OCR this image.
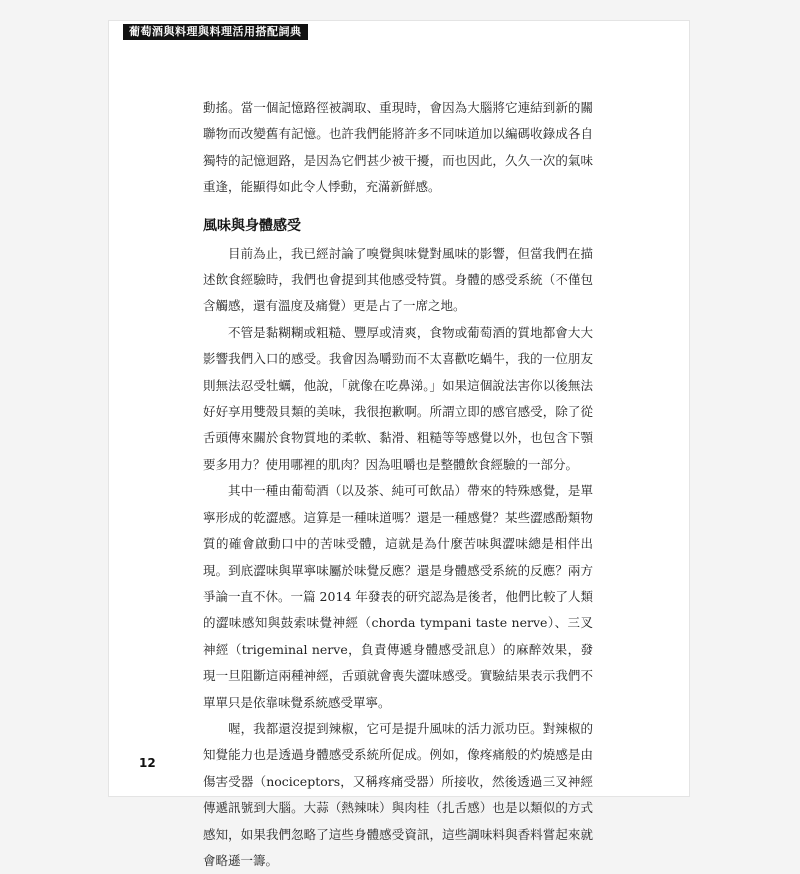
葡萄酒與料理與料理活用搭配詞典

動搖。當一個記憶路徑被調取、重現時，會因為大腦將它連結到新的關聯物而改變舊有記憶。也許我們能將許多不同味道加以編碼收錄成各自獨特的記憶迴路，是因為它們甚少被干擾，而也因此，久久一次的氣味重逢，能顯得如此令人悸動，充滿新鮮感。

風味與身體感受

目前為止，我已經討論了嗅覺與味覺對風味的影響，但當我們在描述飲食經驗時，我們也會提到其他感受特質。身體的感受系統（不僅包含觸感，還有溫度及痛覺）更是占了一席之地。

不管是黏糊糊或粗糙、豐厚或清爽，食物或葡萄酒的質地都會大大影響我們入口的感受。我會因為嚼勁而不太喜歡吃蝸牛，我的一位朋友則無法忍受牡蠣，他說，「就像在吃鼻涕。」如果這個說法害你以後無法好好享用雙殼貝類的美味，我很抱歉啊。所謂立即的感官感受，除了從舌頭傳來關於食物質地的柔軟、黏滑、粗糙等等感覺以外，也包含下顎要多用力？使用哪裡的肌肉？因為咀嚼也是整體飲食經驗的一部分。

其中一種由葡萄酒（以及茶、純可可飲品）帶來的特殊感覺，是單寧形成的乾澀感。這算是一種味道嗎？還是一種感覺？某些澀感酚類物質的確會啟動口中的苦味受體，這就是為什麼苦味與澀味總是相伴出現。到底澀味與單寧味屬於味覺反應？還是身體感受系統的反應？兩方爭論一直不休。一篇 2014 年發表的研究認為是後者，他們比較了人類的澀味感知與鼓索味覺神經（chorda tympani taste nerve）、三叉神經（trigeminal nerve，負責傳遞身體感受訊息）的麻醉效果，發現一旦阻斷這兩種神經，舌頭就會喪失澀味感受。實驗結果表示我們不單單只是依靠味覺系統感受單寧。

喔，我都還沒提到辣椒，它可是提升風味的活力派功臣。對辣椒的知覺能力也是透過身體感受系統所促成。例如，像疼痛般的灼燒感是由傷害受器（nociceptors，又稱疼痛受器）所接收，然後透過三叉神經傳遞訊號到大腦。大蒜（熱辣味）與肉桂（扎舌感）也是以類似的方式感知，如果我們忽略了這些身體感受資訊，這些調味料與香料嘗起來就會略遜一籌。

12
